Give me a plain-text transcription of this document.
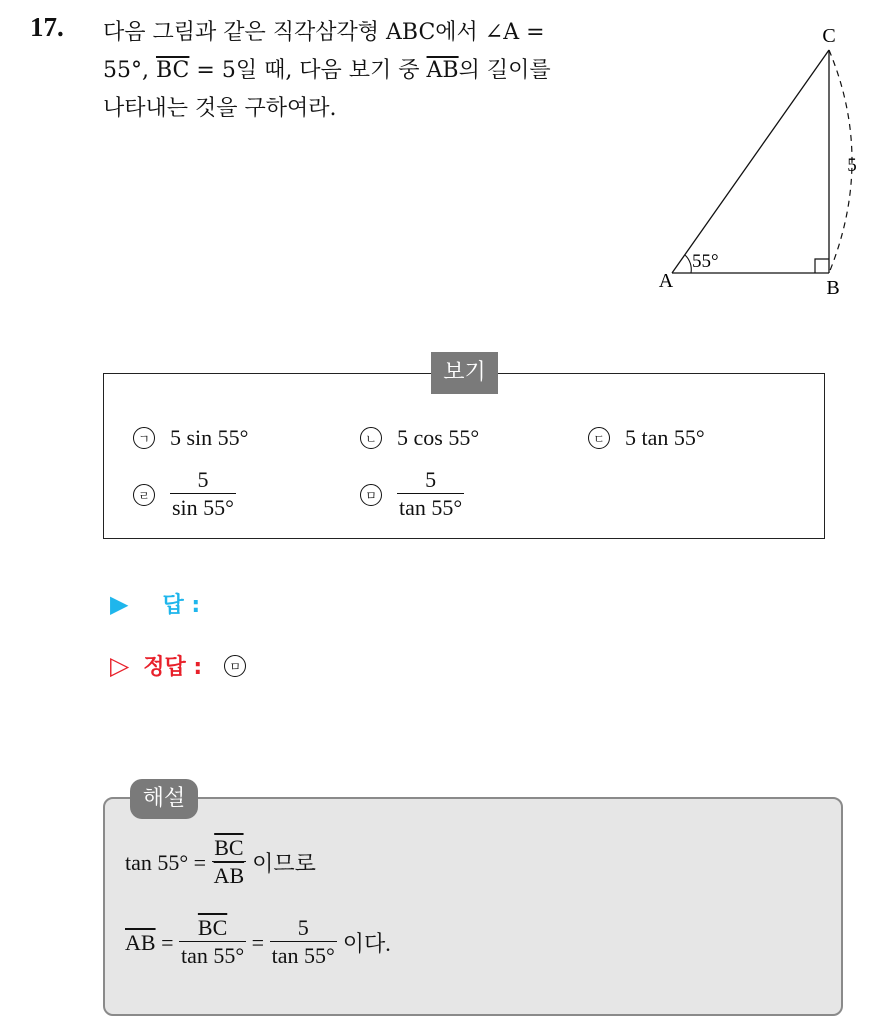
17. 다음 그림과 같은 직각삼각형 ABC에서 ∠A =
55°, $\overline{BC} = 5$일 때, 다음 보기 중 $\overline{AB}$의 길이를
나타내는 것을 구하여라.
A	B
C
55°
5
보기
ㄱ 5 sin 55°	ㄴ 5 cos 55°	ㄷ 5 tan 55°
ㄹ $\frac{5}{\sin 55^\circ}$	ㅁ $\frac{5}{\tan 55^\circ}$
▶ 답 :
▷ 정답 :	ㅁ
해설
$\tan 55^\circ = \frac{\overline{BC}}{AB}$ 이므로
$\overline{AB} = \frac{\overline{BC}}{\tan 55^\circ} = \frac{5}{\tan 55^\circ}$ 이다.
